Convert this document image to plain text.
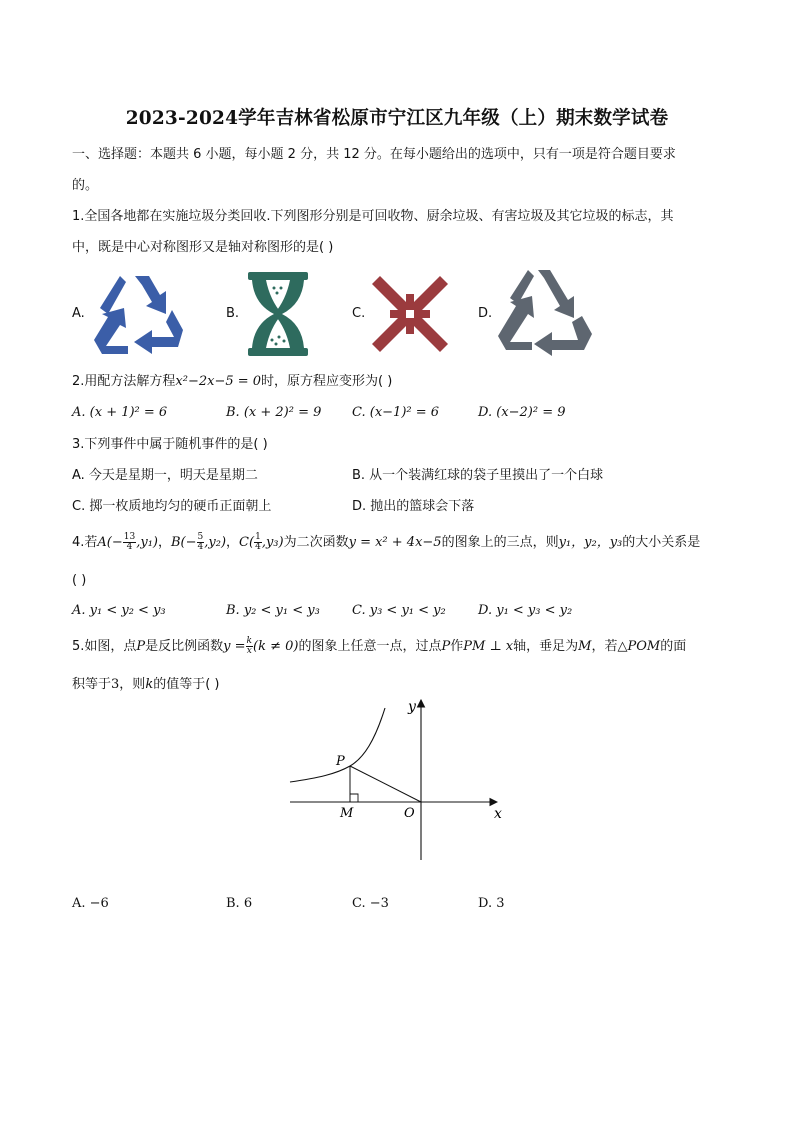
2023-2024学年吉林省松原市宁江区九年级（上）期末数学试卷
一、选择题：本题共 6 小题，每小题 2 分，共 12 分。在每小题给出的选项中，只有一项是符合题目要求
的。
1.全国各地都在实施垃圾分类回收.下列图形分别是可回收物、厨余垃圾、有害垃圾及其它垃圾的标志，其
中，既是中心对称图形又是轴对称图形的是( )
A.	B.	C.	D.
2.用配方法解方程x²−2x−5 = 0时，原方程应变形为( )
A. (x + 1)² = 6	B. (x + 2)² = 9 C. (x−1)² = 6	D. (x−2)² = 9
3.下列事件中属于随机事件的是( )
A. 今天是星期一，明天是星期二	B. 从一个装满红球的袋子里摸出了一个白球
C. 掷一枚质地均匀的硬币正面朝上	D. 抛出的篮球会下落
4.若$A(- \frac{13}{4} ,y_1)$，$B(- \frac{5}{4} ,y_2)$，$C( \frac{1}{4} ,y_3)$为二次函数y = x² + 4x−5的图象上的三点，则y₁，y₂，y₃的大小关系是
( )
A. y₁ < y₂ < y₃	B. y₂ < y₁ < y₃ C. y₃ < y₁ < y₂ D. y₁ < y₃ < y₂
5.如图，点P是反比例函数$y = \frac{k}{x} (k \ne 0)$的图象上任意一点，过点P作PM ⊥ x轴，垂足为M，若△POM的面
积等于3，则k的值等于( )
y
x
P
M	O
A. −6	B. 6	C. −3	D. 3
